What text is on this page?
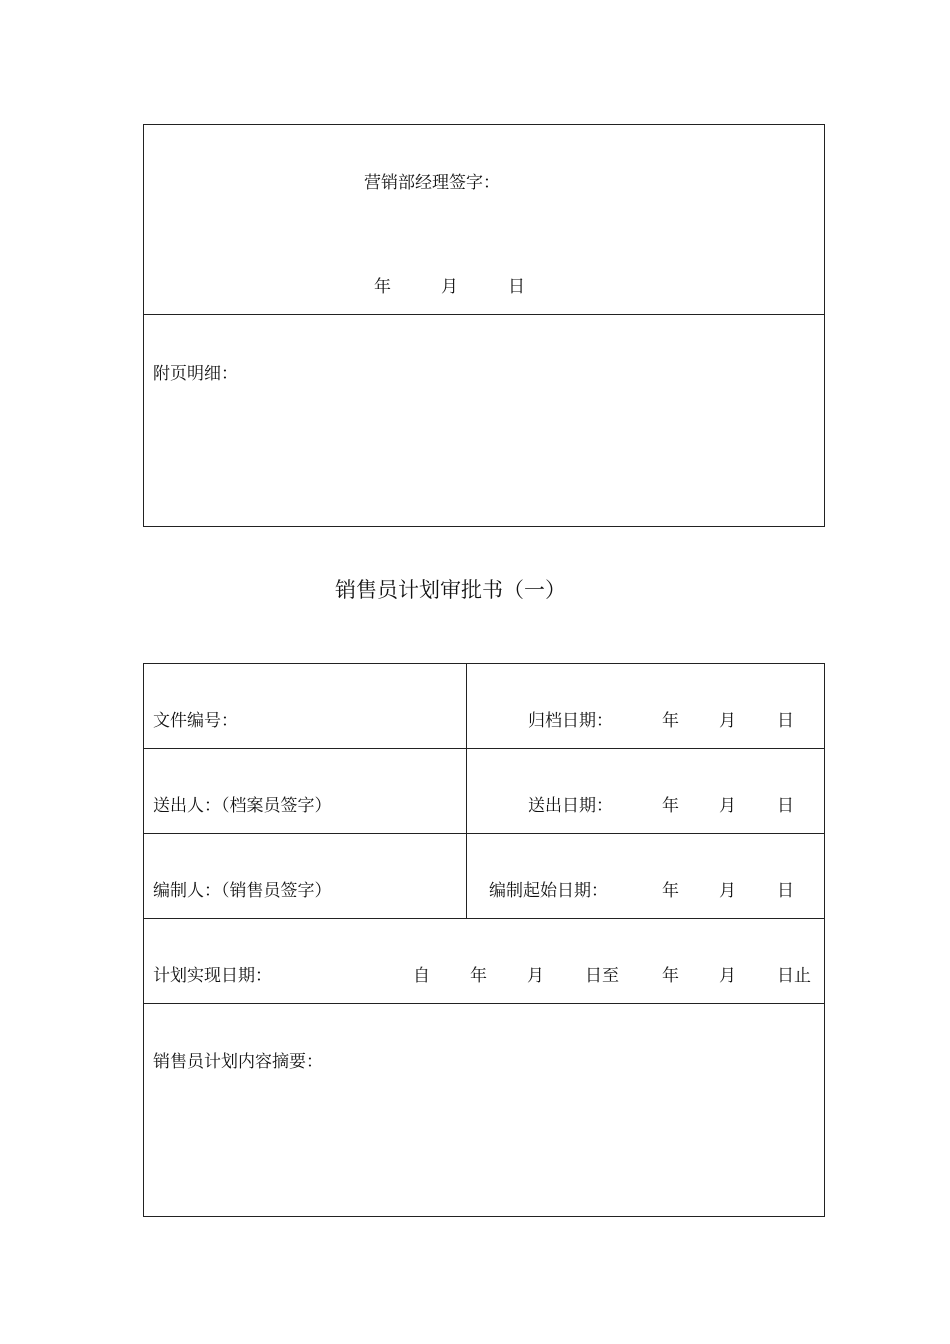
营销部经理签字：
年	月	日
附页明细：
销售员计划审批书（一）
文件编号：	归档日期：	年 月 日
送出人：（档案员签字）	送出日期：	年 月 日
编制人：（销售员签字）	编制起始日期：	年 月 日
计划实现日期：	自 年 月 日至	年 月 日止
销售员计划内容摘要：
